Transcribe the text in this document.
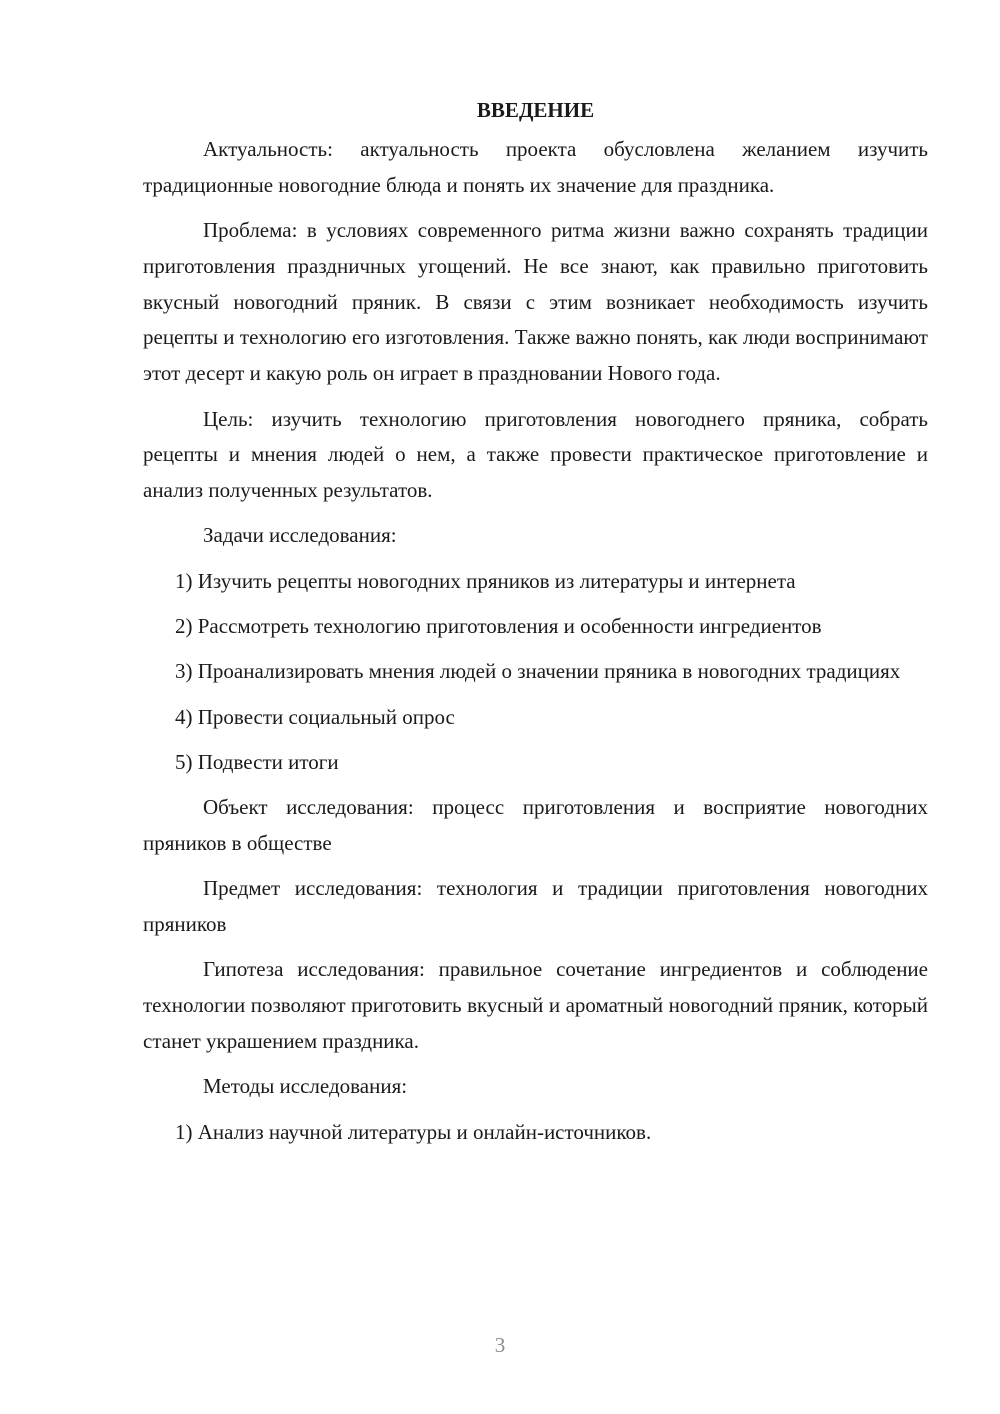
ВВЕДЕНИЕ

Актуальность: актуальность проекта обусловлена желанием изучить традиционные новогодние блюда и понять их значение для праздника.

Проблема: в условиях современного ритма жизни важно сохранять традиции приготовления праздничных угощений. Не все знают, как правильно приготовить вкусный новогодний пряник. В связи с этим возникает необходимость изучить рецепты и технологию его изготовления. Также важно понять, как люди воспринимают этот десерт и какую роль он играет в праздновании Нового года.

Цель: изучить технологию приготовления новогоднего пряника, собрать рецепты и мнения людей о нем, а также провести практическое приготовление и анализ полученных результатов.

Задачи исследования:

1) Изучить рецепты новогодних пряников из литературы и интернета

2) Рассмотреть технологию приготовления и особенности ингредиентов

3) Проанализировать мнения людей о значении пряника в новогодних традициях

4) Провести социальный опрос

5) Подвести итоги

Объект исследования: процесс приготовления и восприятие новогодних пряников в обществе

Предмет исследования: технология и традиции приготовления новогодних пряников

Гипотеза исследования: правильное сочетание ингредиентов и соблюдение технологии позволяют приготовить вкусный и ароматный новогодний пряник, который станет украшением праздника.

Методы исследования:

1) Анализ научной литературы и онлайн-источников.

3
